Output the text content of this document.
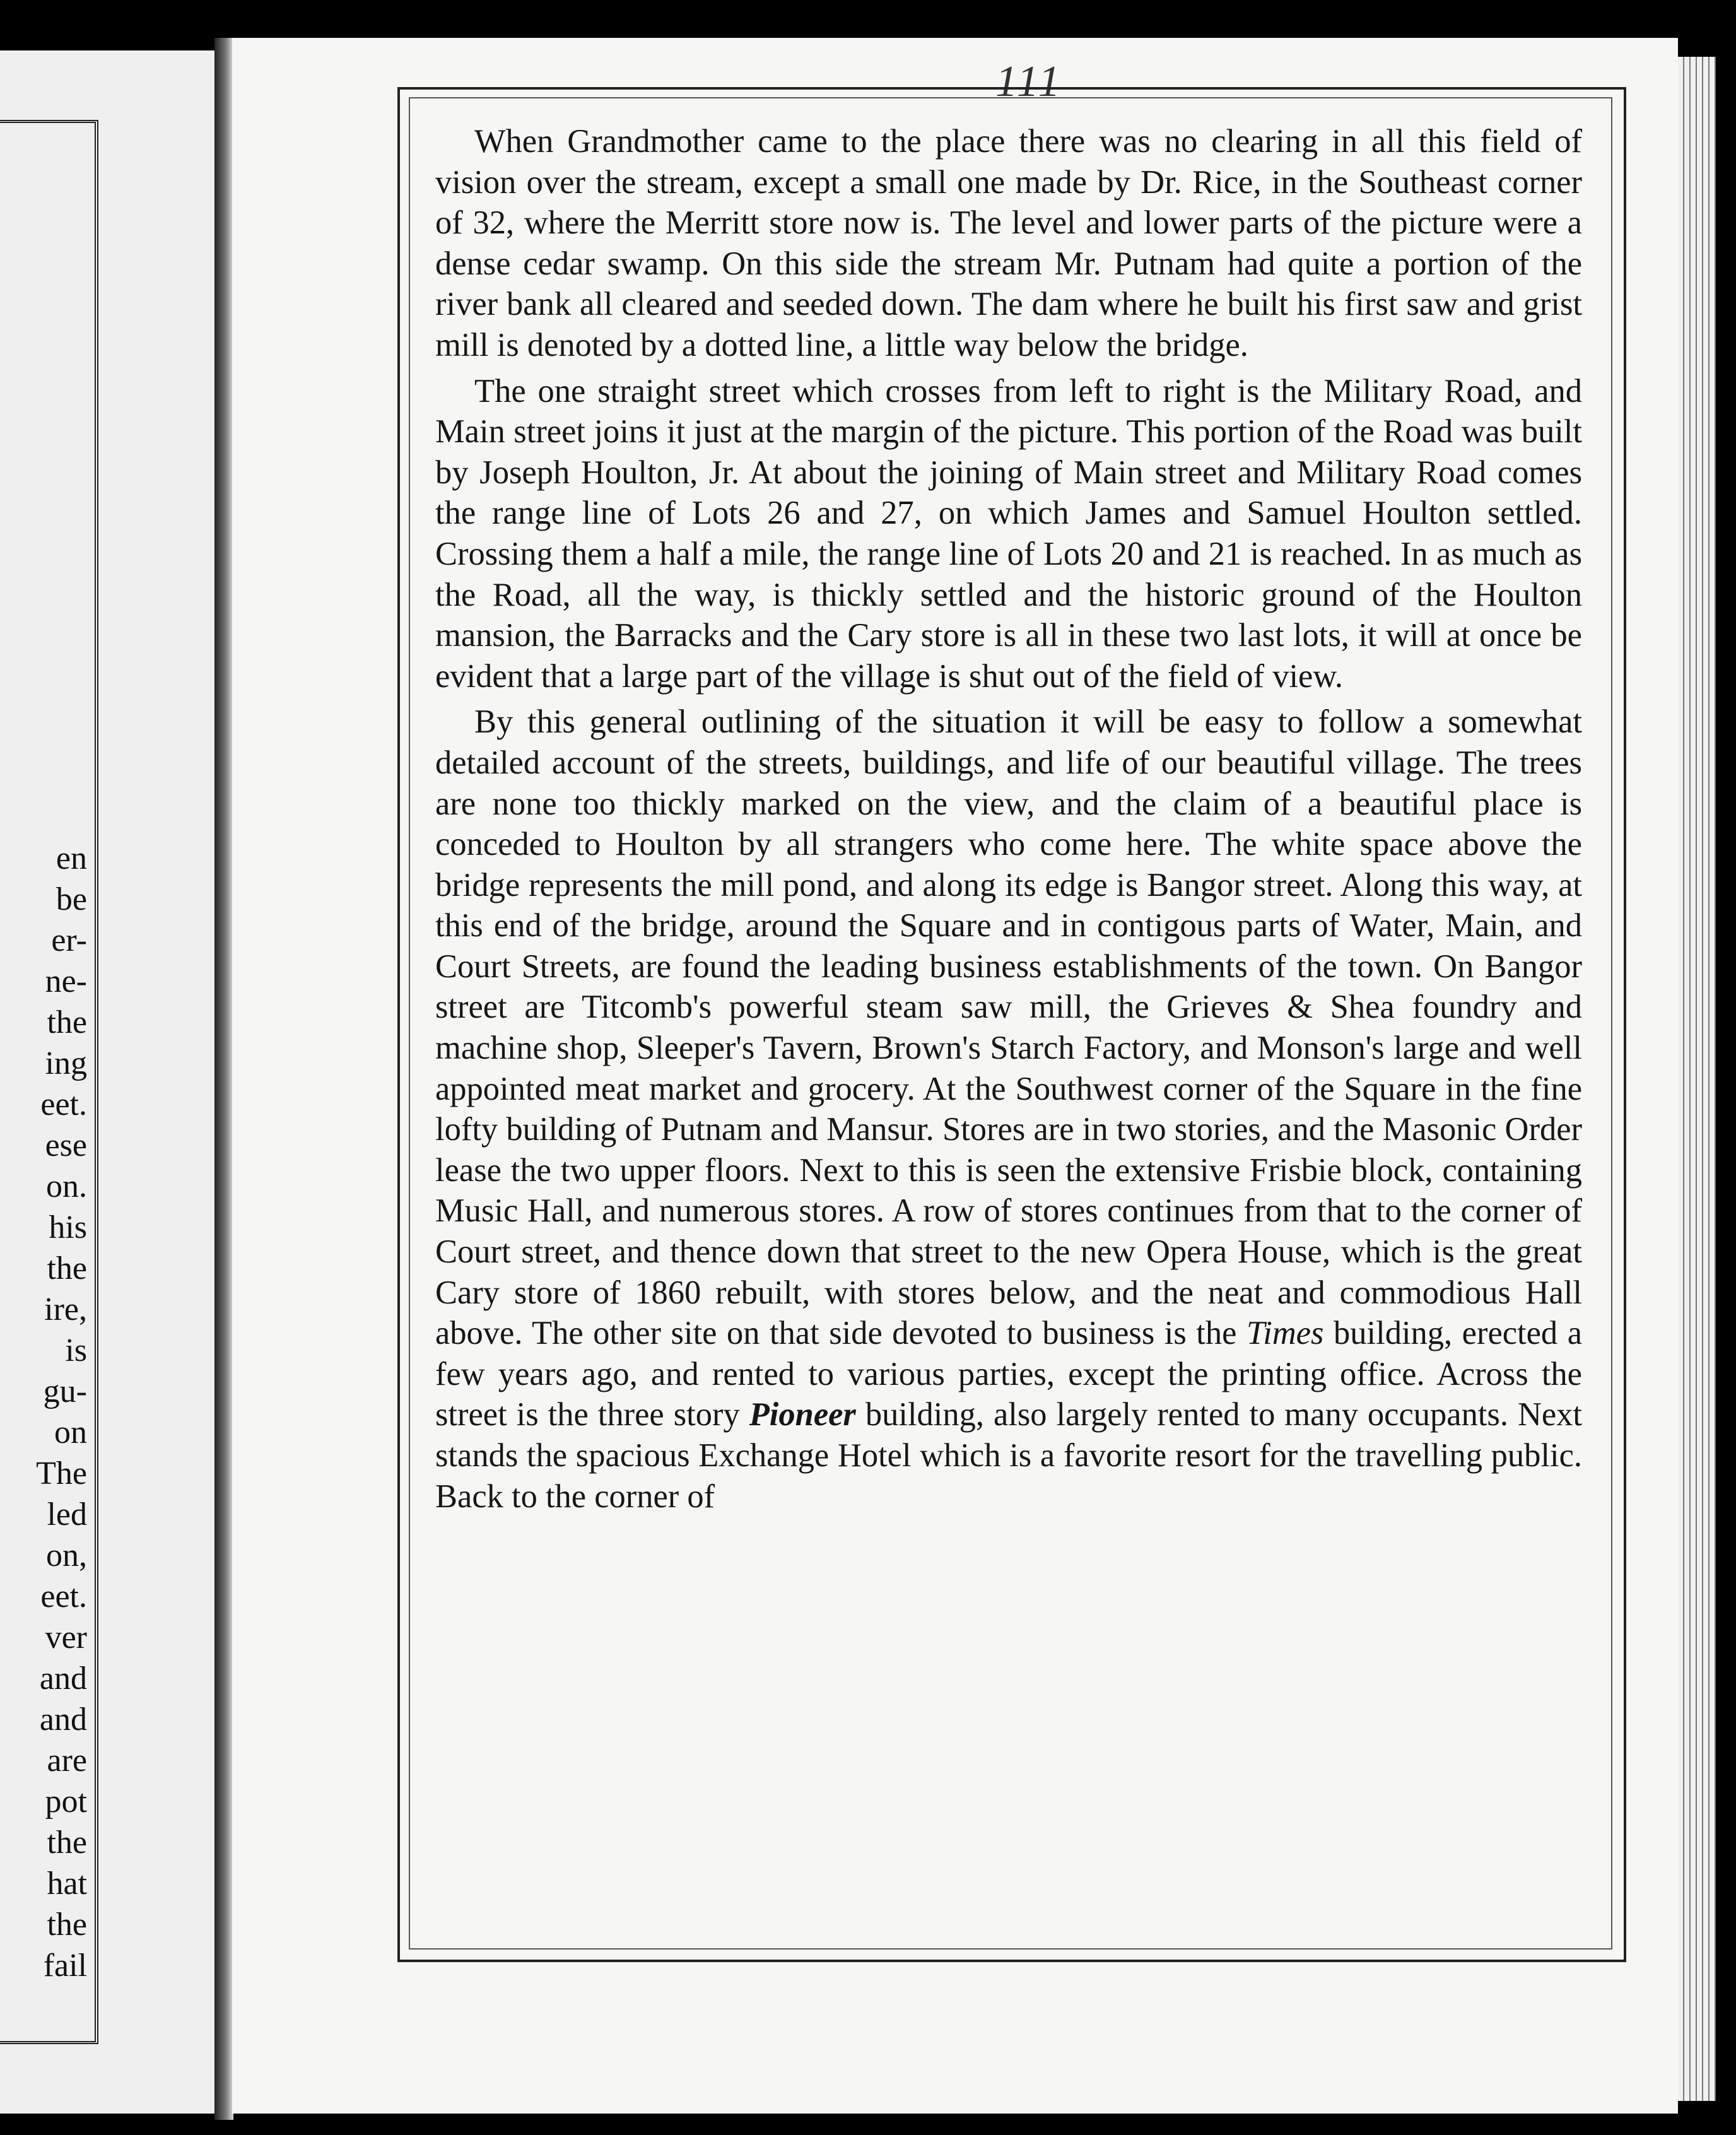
en
be
er-
ne-
the
ing
eet.
ese
on.
his
the
ire,
is
gu-
on
The
led
on,
eet.
ver
and
and
are
pot
the
hat
the
fail
111

When Grandmother came to the place there was no clearing in all this field of vision over the stream, except a small one made by Dr. Rice, in the Southeast corner of 32, where the Merritt store now is. The level and lower parts of the picture were a dense cedar swamp. On this side the stream Mr. Putnam had quite a portion of the river bank all cleared and seeded down. The dam where he built his first saw and grist mill is denoted by a dotted line, a little way below the bridge.

The one straight street which crosses from left to right is the Military Road, and Main street joins it just at the margin of the picture. This portion of the Road was built by Joseph Houlton, Jr. At about the joining of Main street and Military Road comes the range line of Lots 26 and 27, on which James and Samuel Houlton settled. Crossing them a half a mile, the range line of Lots 20 and 21 is reached. In as much as the Road, all the way, is thickly settled and the historic ground of the Houlton mansion, the Barracks and the Cary store is all in these two last lots, it will at once be evident that a large part of the village is shut out of the field of view.

By this general outlining of the situation it will be easy to follow a somewhat detailed account of the streets, buildings, and life of our beautiful village. The trees are none too thickly marked on the view, and the claim of a beautiful place is conceded to Houlton by all strangers who come here. The white space above the bridge represents the mill pond, and along its edge is Bangor street. Along this way, at this end of the bridge, around the Square and in contigous parts of Water, Main, and Court Streets, are found the leading business establishments of the town. On Bangor street are Titcomb's powerful steam saw mill, the Grieves & Shea foundry and machine shop, Sleeper's Tavern, Brown's Starch Factory, and Monson's large and well appointed meat market and grocery. At the Southwest corner of the Square in the fine lofty building of Putnam and Mansur. Stores are in two stories, and the Masonic Order lease the two upper floors. Next to this is seen the extensive Frisbie block, containing Music Hall, and numerous stores. A row of stores continues from that to the corner of Court street, and thence down that street to the new Opera House, which is the great Cary store of 1860 rebuilt, with stores below, and the neat and commodious Hall above. The other site on that side devoted to business is the Times building, erected a few years ago, and rented to various parties, except the printing office. Across the street is the three story Pioneer building, also largely rented to many occupants. Next stands the spacious Exchange Hotel which is a favorite resort for the travelling public. Back to the corner of
